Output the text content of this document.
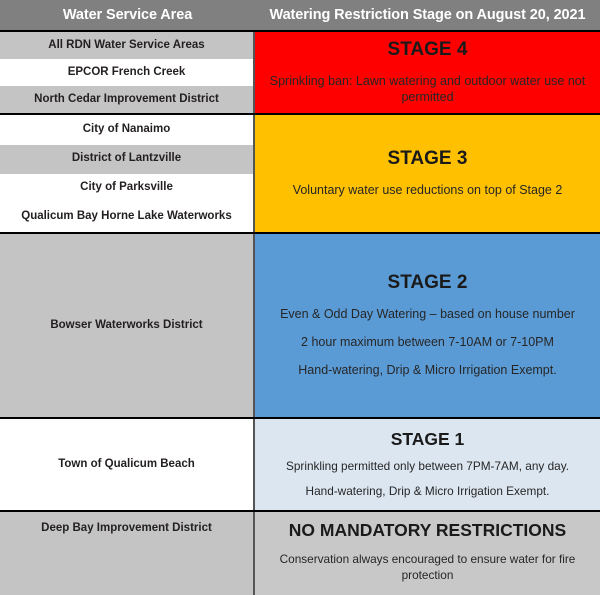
Water Service Area	Watering Restriction Stage on August 20, 2021
All RDN Water Service Areas
EPCOR French Creek
North Cedar Improvement District
STAGE 4
Sprinkling ban: Lawn watering and outdoor water use not permitted
City of Nanaimo
District of Lantzville
City of Parksville
Qualicum Bay Horne Lake Waterworks
STAGE 3
Voluntary water use reductions on top of Stage 2
Bowser Waterworks District
STAGE 2
Even & Odd Day Watering – based on house number
2 hour maximum between 7-10AM or 7-10PM
Hand-watering, Drip & Micro Irrigation Exempt.
Town of Qualicum Beach
STAGE 1
Sprinkling permitted only between 7PM-7AM, any day.
Hand-watering, Drip & Micro Irrigation Exempt.
Deep Bay Improvement District	NO MANDATORY RESTRICTIONS
Conservation always encouraged to ensure water for fire protection
